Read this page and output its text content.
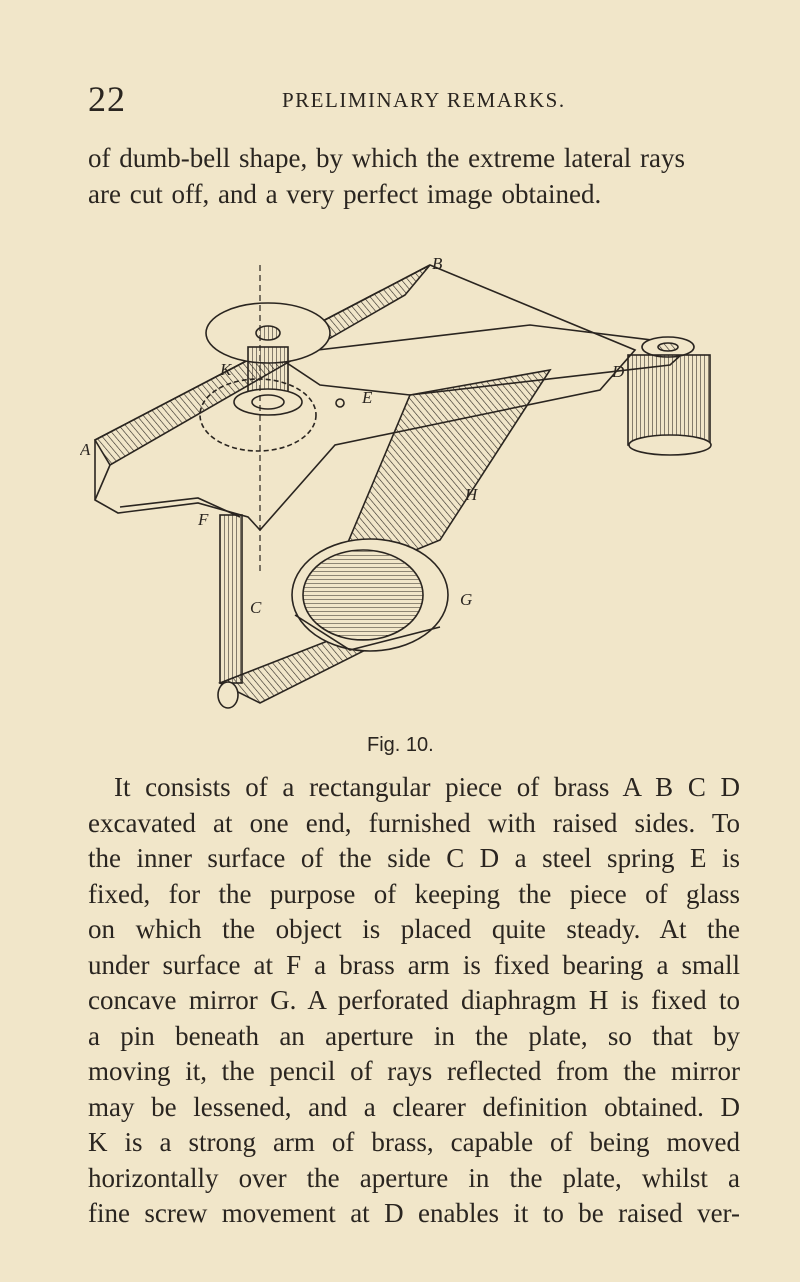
22	PRELIMINARY REMARKS.
of dumb-bell shape, by which the extreme lateral rays
are cut off, and a very perfect image obtained.
B
A
K
E
D
H
F
C	G
Fig. 10.
It consists of a rectangular piece of brass A B C D
excavated at one end, furnished with raised sides. To
the inner surface of the side C D a steel spring E is
fixed, for the purpose of keeping the piece of glass
on which the object is placed quite steady. At the
under surface at F a brass arm is fixed bearing a small
concave mirror G. A perforated diaphragm H is fixed to
a pin beneath an aperture in the plate, so that by
moving it, the pencil of rays reflected from the mirror
may be lessened, and a clearer definition obtained. D
K is a strong arm of brass, capable of being moved
horizontally over the aperture in the plate, whilst a
fine screw movement at D enables it to be raised ver-
